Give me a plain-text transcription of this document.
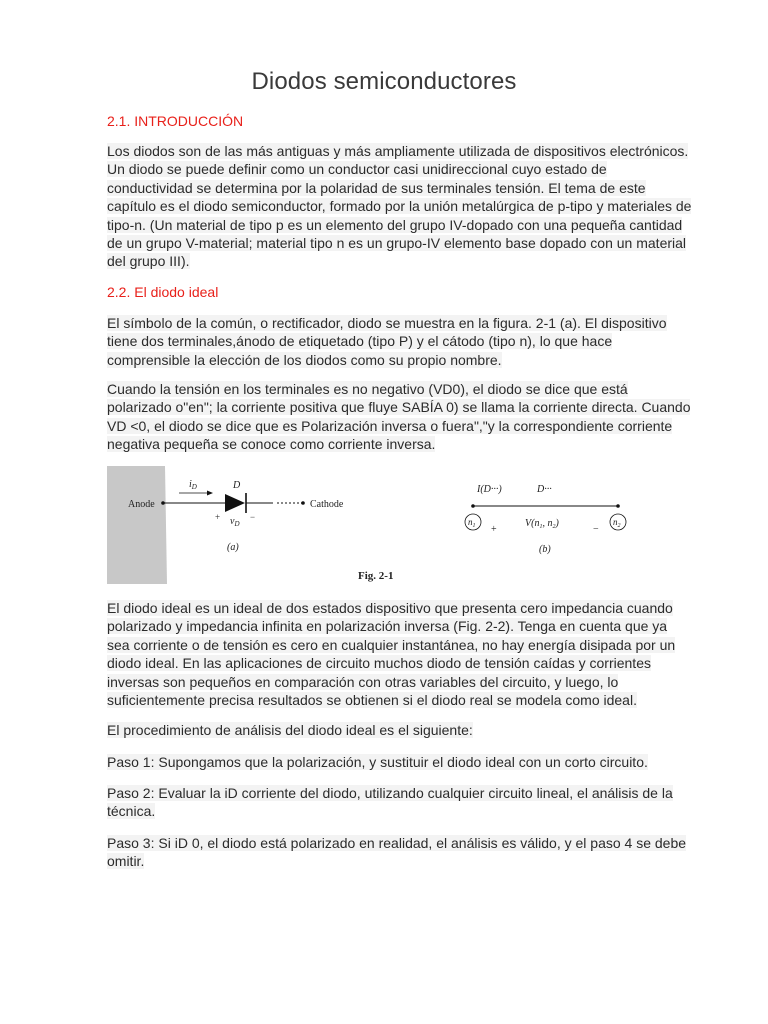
Diodos semiconductores
2.1. INTRODUCCIÓN
Los diodos son de las más antiguas y más ampliamente utilizada de dispositivos electrónicos.
Un diodo se puede definir como un conductor casi unidireccional cuyo estado de
conductividad se determina por la polaridad de sus terminales tensión. El tema de este
capítulo es el diodo semiconductor, formado por la unión metalúrgica de p-tipo y materiales de
tipo-n. (Un material de tipo p es un elemento del grupo IV-dopado con una pequeña cantidad
de un grupo V-material; material tipo n es un grupo-IV elemento base dopado con un material
del grupo III).
2.2. El diodo ideal
El símbolo de la común, o rectificador, diodo se muestra en la figura. 2-1 (a). El dispositivo
tiene dos terminales,ánodo de etiquetado (tipo P) y el cátodo (tipo n), lo que hace
comprensible la elección de los diodos como su propio nombre.
Cuando la tensión en los terminales es no negativo (VD0), el diodo se dice que está
polarizado o"en"; la corriente positiva que fluye SABÍA 0) se llama la corriente directa. Cuando
VD <0, el diodo se dice que es Polarización inversa o fuera","y la correspondiente corriente
negativa pequeña se conoce como corriente inversa.
Anode
$i_D$
Cathode
D
+	−
$v_D$
(a)
Fig. 2-1
I(D···)	D···
$n_1$	$n_2$
+
$V(n_1$, $n_2$)
−
(b)
El diodo ideal es un ideal de dos estados dispositivo que presenta cero impedancia cuando
polarizado y impedancia infinita en polarización inversa (Fig. 2-2). Tenga en cuenta que ya
sea corriente o de tensión es cero en cualquier instantánea, no hay energía disipada por un
diodo ideal. En las aplicaciones de circuito muchos diodo de tensión caídas y corrientes
inversas son pequeños en comparación con otras variables del circuito, y luego, lo
suficientemente precisa resultados se obtienen si el diodo real se modela como ideal.
El procedimiento de análisis del diodo ideal es el siguiente:
Paso 1: Supongamos que la polarización, y sustituir el diodo ideal con un corto circuito.
Paso 2: Evaluar la iD corriente del diodo, utilizando cualquier circuito lineal, el análisis de la
técnica.
Paso 3: Si iD 0, el diodo está polarizado en realidad, el análisis es válido, y el paso 4 se debe
omitir.
